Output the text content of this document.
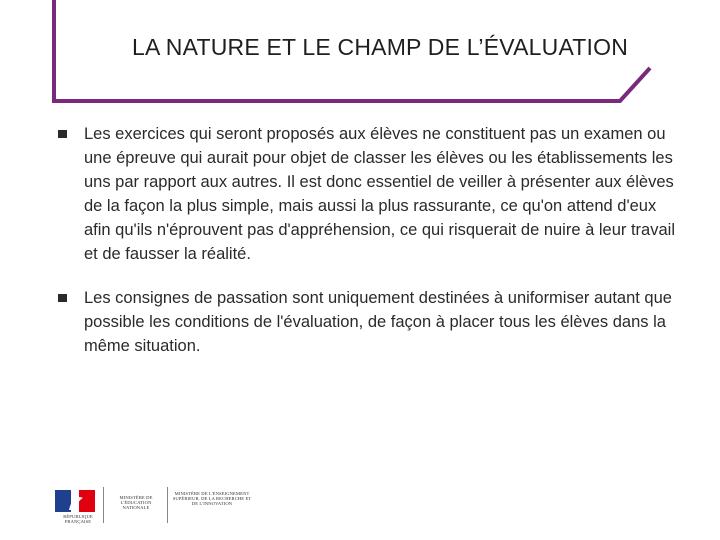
LA NATURE ET LE CHAMP DE L’ÉVALUATION

Les exercices qui seront proposés aux élèves ne constituent pas un examen ou une épreuve qui aurait pour objet de classer les élèves ou les établissements les uns par rapport aux autres. Il est donc essentiel de veiller à présenter aux élèves de la façon la plus simple, mais aussi la plus rassurante, ce qu'on attend d'eux afin qu'ils n'éprouvent pas d'appréhension, ce qui risquerait de nuire à leur travail et de fausser la réalité.

Les consignes de passation sont uniquement destinées à uniformiser autant que possible les conditions de l'évaluation, de façon à placer tous les élèves dans la même situation.

RÉPUBLIQUE FRANÇAISE
MINISTÈRE DE L'ÉDUCATION NATIONALE
MINISTÈRE DE L'ENSEIGNEMENT SUPÉRIEUR, DE LA RECHERCHE ET DE L'INNOVATION
